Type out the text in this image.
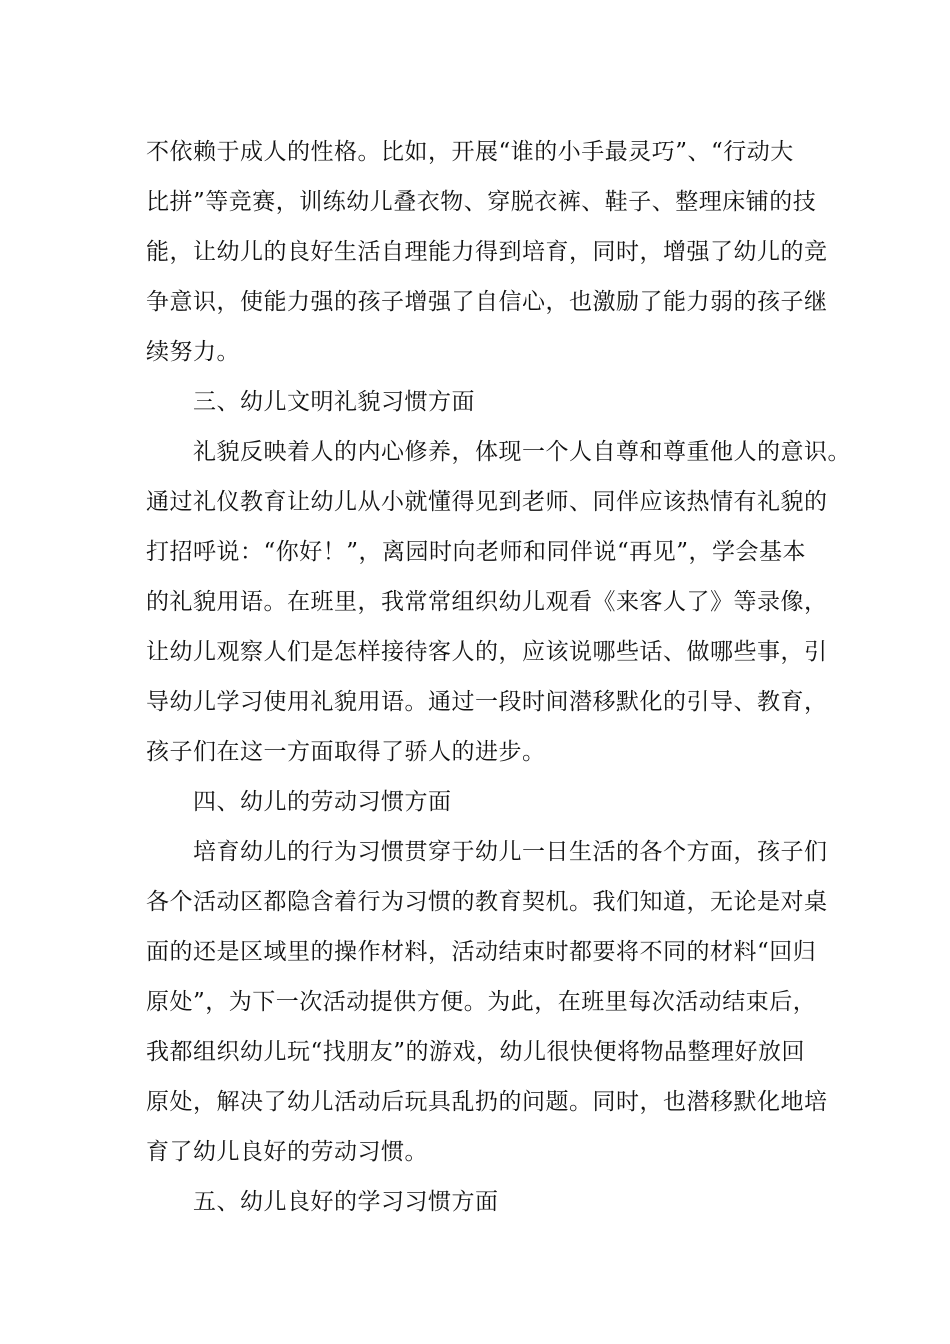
不依赖于成人的性格。比如，开展“谁的小手最灵巧”、“行动大
比拼”等竞赛，训练幼儿叠衣物、穿脱衣裤、鞋子、整理床铺的技
能，让幼儿的良好生活自理能力得到培育，同时，增强了幼儿的竞
争意识，使能力强的孩子增强了自信心，也激励了能力弱的孩子继
续努力。
三、幼儿文明礼貌习惯方面
礼貌反映着人的内心修养，体现一个人自尊和尊重他人的意识。
通过礼仪教育让幼儿从小就懂得见到老师、同伴应该热情有礼貌的
打招呼说：“你好！”，离园时向老师和同伴说“再见”，学会基本
的礼貌用语。在班里，我常常组织幼儿观看《来客人了》等录像，
让幼儿观察人们是怎样接待客人的，应该说哪些话、做哪些事，引
导幼儿学习使用礼貌用语。通过一段时间潜移默化的引导、教育，
孩子们在这一方面取得了骄人的进步。
四、幼儿的劳动习惯方面
培育幼儿的行为习惯贯穿于幼儿一日生活的各个方面，孩子们
各个活动区都隐含着行为习惯的教育契机。我们知道，无论是对桌
面的还是区域里的操作材料，活动结束时都要将不同的材料“回归
原处”，为下一次活动提供方便。为此，在班里每次活动结束后，
我都组织幼儿玩“找朋友”的游戏，幼儿很快便将物品整理好放回
原处，解决了幼儿活动后玩具乱扔的问题。同时，也潜移默化地培
育了幼儿良好的劳动习惯。
五、幼儿良好的学习习惯方面
